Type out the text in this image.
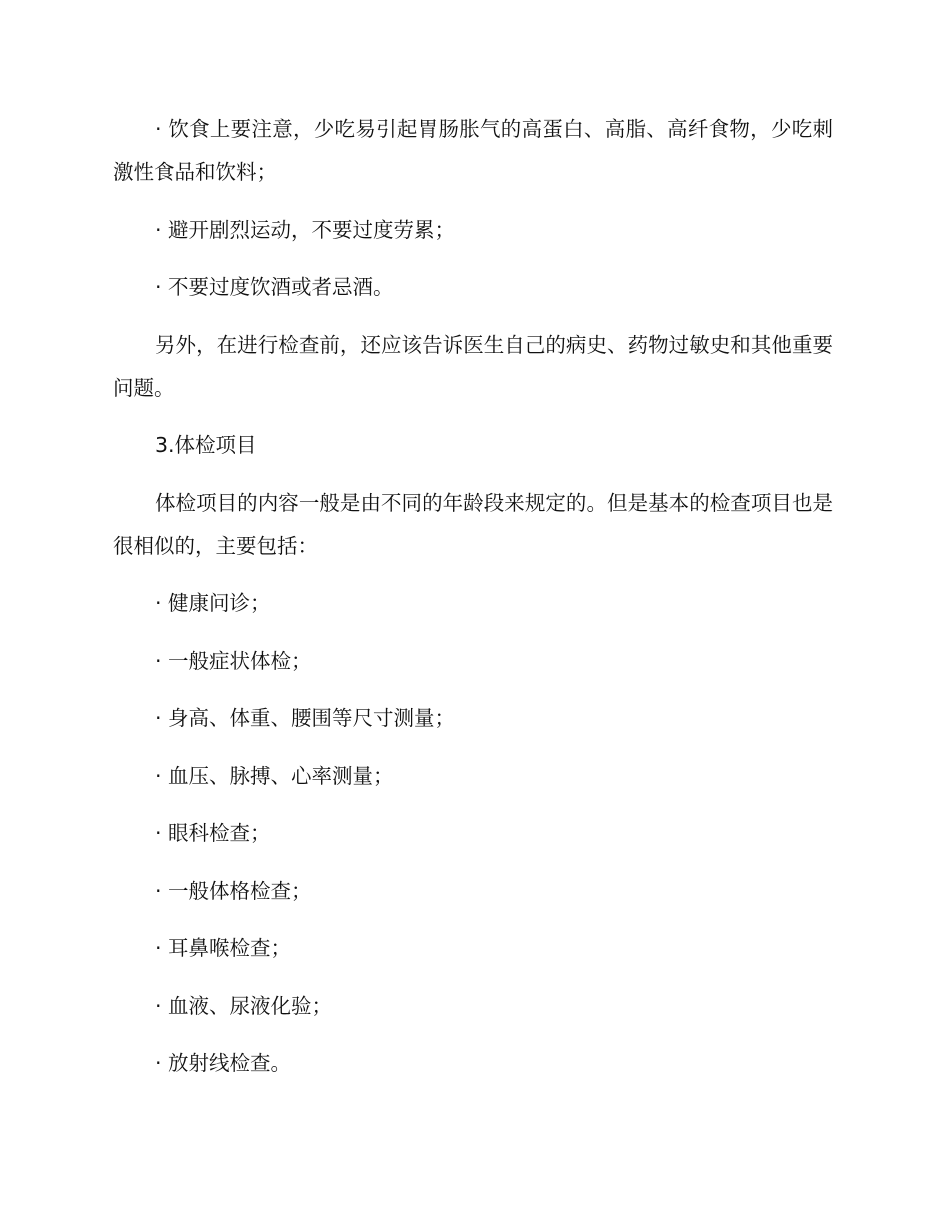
· 饮食上要注意，少吃易引起胃肠胀气的高蛋白、高脂、高纤食物，少吃刺激性食品和饮料；

· 避开剧烈运动，不要过度劳累；

· 不要过度饮酒或者忌酒。

另外，在进行检查前，还应该告诉医生自己的病史、药物过敏史和其他重要问题。

3.体检项目

体检项目的内容一般是由不同的年龄段来规定的。但是基本的检查项目也是很相似的，主要包括：

· 健康问诊；

· 一般症状体检；

· 身高、体重、腰围等尺寸测量；

· 血压、脉搏、心率测量；

· 眼科检查；

· 一般体格检查；

· 耳鼻喉检查；

· 血液、尿液化验；

· 放射线检查。
